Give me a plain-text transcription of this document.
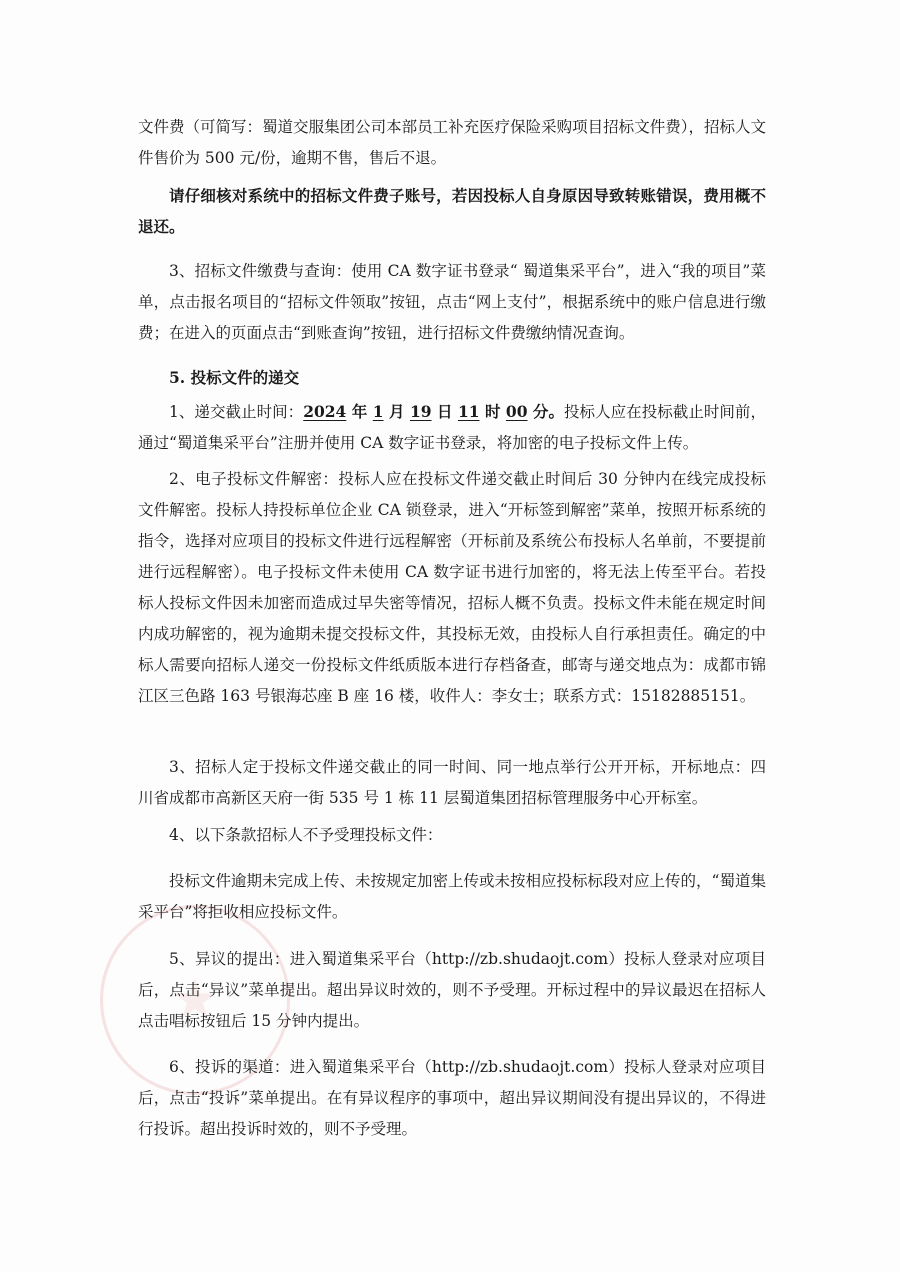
文件费（可简写：蜀道交服集团公司本部员工补充医疗保险采购项目招标文件费），招标人文件售价为 500 元/份，逾期不售，售后不退。

请仔细核对系统中的招标文件费子账号，若因投标人自身原因导致转账错误，费用概不退还。

3、招标文件缴费与查询：使用 CA 数字证书登录“ 蜀道集采平台”，进入“我的项目”菜单，点击报名项目的“招标文件领取”按钮，点击“网上支付”，根据系统中的账户信息进行缴费；在进入的页面点击“到账查询”按钮，进行招标文件费缴纳情况查询。

5. 投标文件的递交

1、递交截止时间：2024 年 1 月 19 日 11 时 00 分。投标人应在投标截止时间前，通过“蜀道集采平台”注册并使用 CA 数字证书登录，将加密的电子投标文件上传。

2、电子投标文件解密：投标人应在投标文件递交截止时间后 30 分钟内在线完成投标文件解密。投标人持投标单位企业 CA 锁登录，进入“开标签到解密”菜单，按照开标系统的指令，选择对应项目的投标文件进行远程解密（开标前及系统公布投标人名单前，不要提前进行远程解密）。电子投标文件未使用 CA 数字证书进行加密的，将无法上传至平台。若投标人投标文件因未加密而造成过早失密等情况，招标人概不负责。投标文件未能在规定时间内成功解密的，视为逾期未提交投标文件，其投标无效，由投标人自行承担责任。确定的中标人需要向招标人递交一份投标文件纸质版本进行存档备查，邮寄与递交地点为：成都市锦江区三色路 163 号银海芯座 B 座 16 楼，收件人：李女士；联系方式：15182885151。

3、招标人定于投标文件递交截止的同一时间、同一地点举行公开开标，开标地点：四川省成都市高新区天府一街 535 号 1 栋 11 层蜀道集团招标管理服务中心开标室。

4、以下条款招标人不予受理投标文件：

投标文件逾期未完成上传、未按规定加密上传或未按相应投标标段对应上传的，“蜀道集采平台”将拒收相应投标文件。

5、异议的提出：进入蜀道集采平台（http://zb.shudaojt.com）投标人登录对应项目后，点击“异议”菜单提出。超出异议时效的，则不予受理。开标过程中的异议最迟在招标人点击唱标按钮后 15 分钟内提出。

6、投诉的渠道：进入蜀道集采平台（http://zb.shudaojt.com）投标人登录对应项目后，点击“投诉”菜单提出。在有异议程序的事项中，超出异议期间没有提出异议的，不得进行投诉。超出投诉时效的，则不予受理。
